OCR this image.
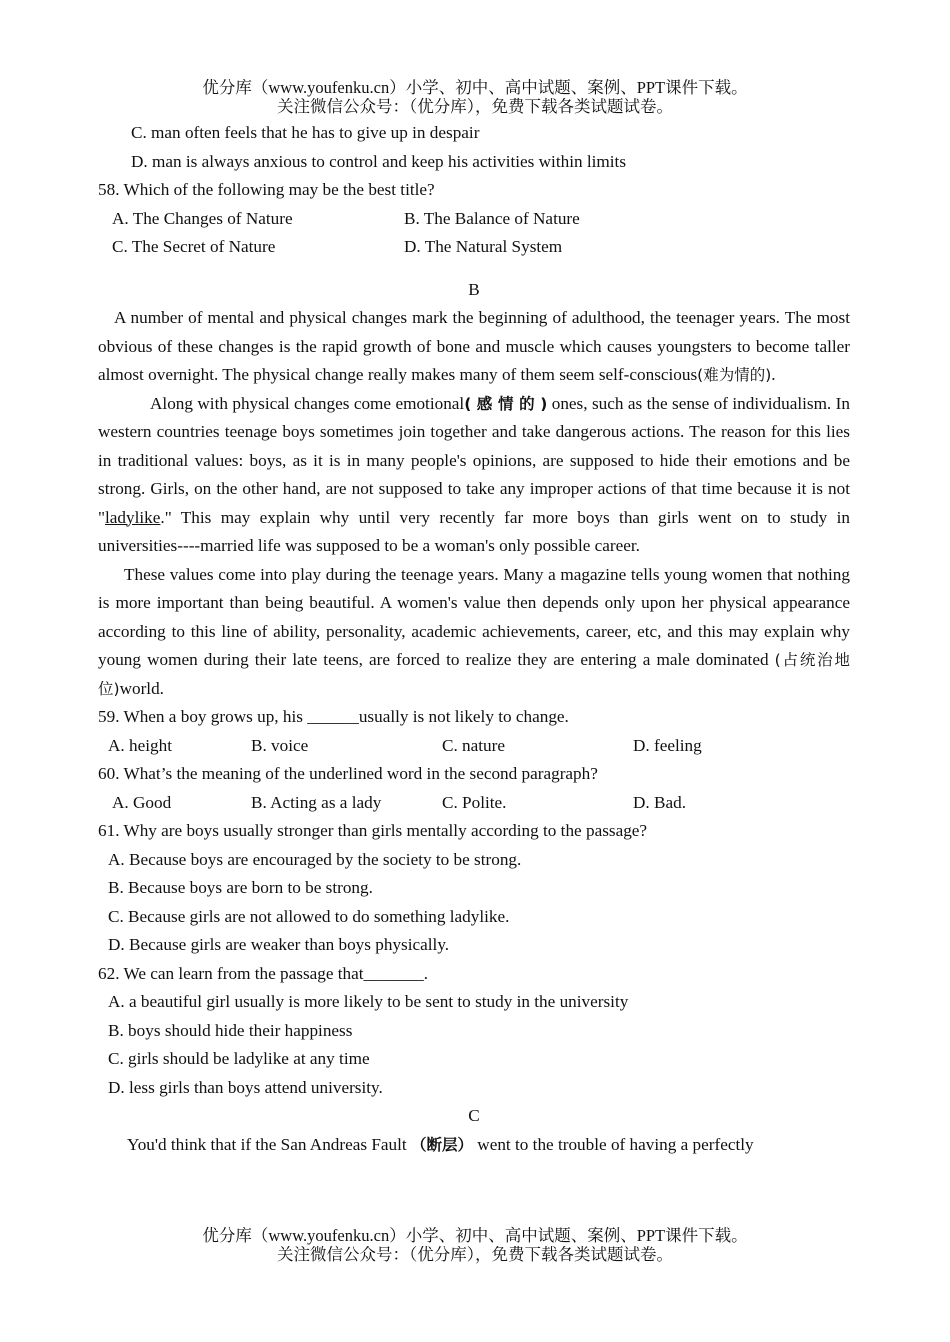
优分库（www.youfenku.cn）小学、初中、高中试题、案例、PPT课件下载。
关注微信公众号：（优分库），免费下载各类试题试卷。

C. man often feels that he has to give up in despair

D. man is always anxious to control and keep his activities within limits

58. Which of the following may be the best title?

A. The Changes of Nature	B. The Balance of Nature
C. The Secret of Nature	D. The Natural System

B

A number of mental and physical changes mark the beginning of adulthood, the teenager years. The most obvious of these changes is the rapid growth of bone and muscle which causes youngsters to become taller almost overnight. The physical change really makes many of them seem self-conscious(难为情的).

Along with physical changes come emotional( 感 情 的 ) ones, such as the sense of individualism. In western countries teenage boys sometimes join together and take dangerous actions. The reason for this lies in traditional values: boys, as it is in many people's opinions, are supposed to hide their emotions and be strong. Girls, on the other hand, are not supposed to take any improper actions of that time because it is not "ladylike." This may explain why until very recently far more boys than girls went on to study in universities----married life was supposed to be a woman's only possible career.

These values come into play during the teenage years. Many a magazine tells young women that nothing is more important than being beautiful. A women's value then depends only upon her physical appearance according to this line of ability, personality, academic achievements, career, etc, and this may explain why young women during their late teens, are forced to realize they are entering a male dominated (占统治地位)world.

59. When a boy grows up, his ______usually is not likely to change.

A. height	B. voice	C. nature	D. feeling

60. What’s the meaning of the underlined word in the second paragraph?

A. Good	B. Acting as a lady	C. Polite.	D. Bad.

61. Why are boys usually stronger than girls mentally according to the passage?

A. Because boys are encouraged by the society to be strong.

B. Because boys are born to be strong.

C. Because girls are not allowed to do something ladylike.

D. Because girls are weaker than boys physically.

62. We can learn from the passage that_______.

A. a beautiful girl usually is more likely to be sent to study in the university

B. boys should hide their happiness

C. girls should be ladylike at any time

D. less girls than boys attend university.

C

You'd think that if the San Andreas Fault （断层） went to the trouble of having a perfectly

优分库（www.youfenku.cn）小学、初中、高中试题、案例、PPT课件下载。
关注微信公众号：（优分库），免费下载各类试题试卷。
